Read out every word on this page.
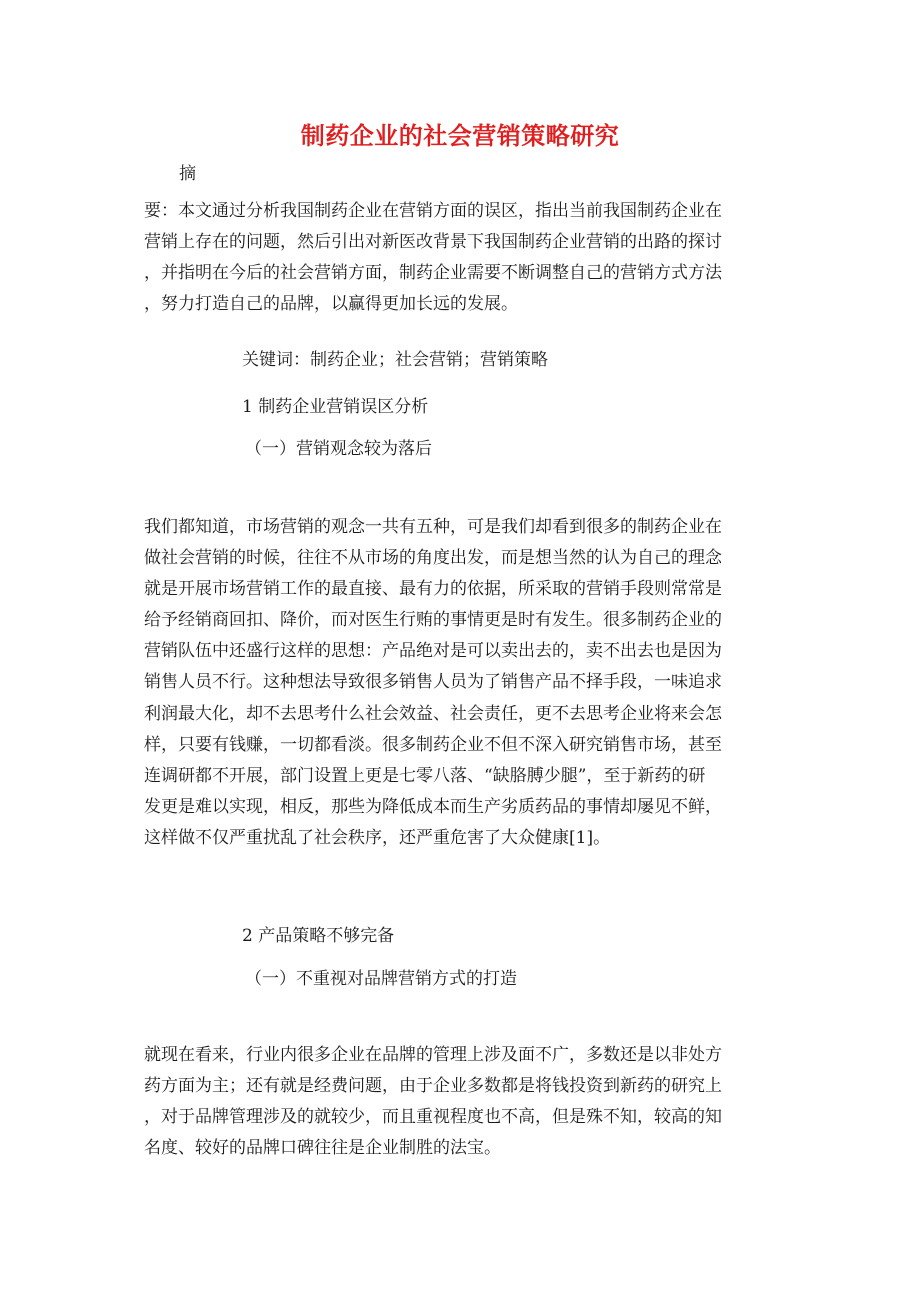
制药企业的社会营销策略研究
摘
要：本文通过分析我国制药企业在营销方面的误区，指出当前我国制药企业在
营销上存在的问题，然后引出对新医改背景下我国制药企业营销的出路的探讨
，并指明在今后的社会营销方面，制药企业需要不断调整自己的营销方式方法
，努力打造自己的品牌，以赢得更加长远的发展。
关键词：制药企业；社会营销；营销策略
1 制药企业营销误区分析
（一）营销观念较为落后
我们都知道，市场营销的观念一共有五种，可是我们却看到很多的制药企业在
做社会营销的时候，往往不从市场的角度出发，而是想当然的认为自己的理念
就是开展市场营销工作的最直接、最有力的依据，所采取的营销手段则常常是
给予经销商回扣、降价，而对医生行贿的事情更是时有发生。很多制药企业的
营销队伍中还盛行这样的思想：产品绝对是可以卖出去的，卖不出去也是因为
销售人员不行。这种想法导致很多销售人员为了销售产品不择手段，一味追求
利润最大化，却不去思考什么社会效益、社会责任，更不去思考企业将来会怎
样，只要有钱赚，一切都看淡。很多制药企业不但不深入研究销售市场，甚至
连调研都不开展，部门设置上更是七零八落、“缺胳膊少腿”，至于新药的研
发更是难以实现，相反，那些为降低成本而生产劣质药品的事情却屡见不鲜，
这样做不仅严重扰乱了社会秩序，还严重危害了大众健康[1]。
2 产品策略不够完备
（一）不重视对品牌营销方式的打造
就现在看来，行业内很多企业在品牌的管理上涉及面不广，多数还是以非处方
药方面为主；还有就是经费问题，由于企业多数都是将钱投资到新药的研究上
，对于品牌管理涉及的就较少，而且重视程度也不高，但是殊不知，较高的知
名度、较好的品牌口碑往往是企业制胜的法宝。
